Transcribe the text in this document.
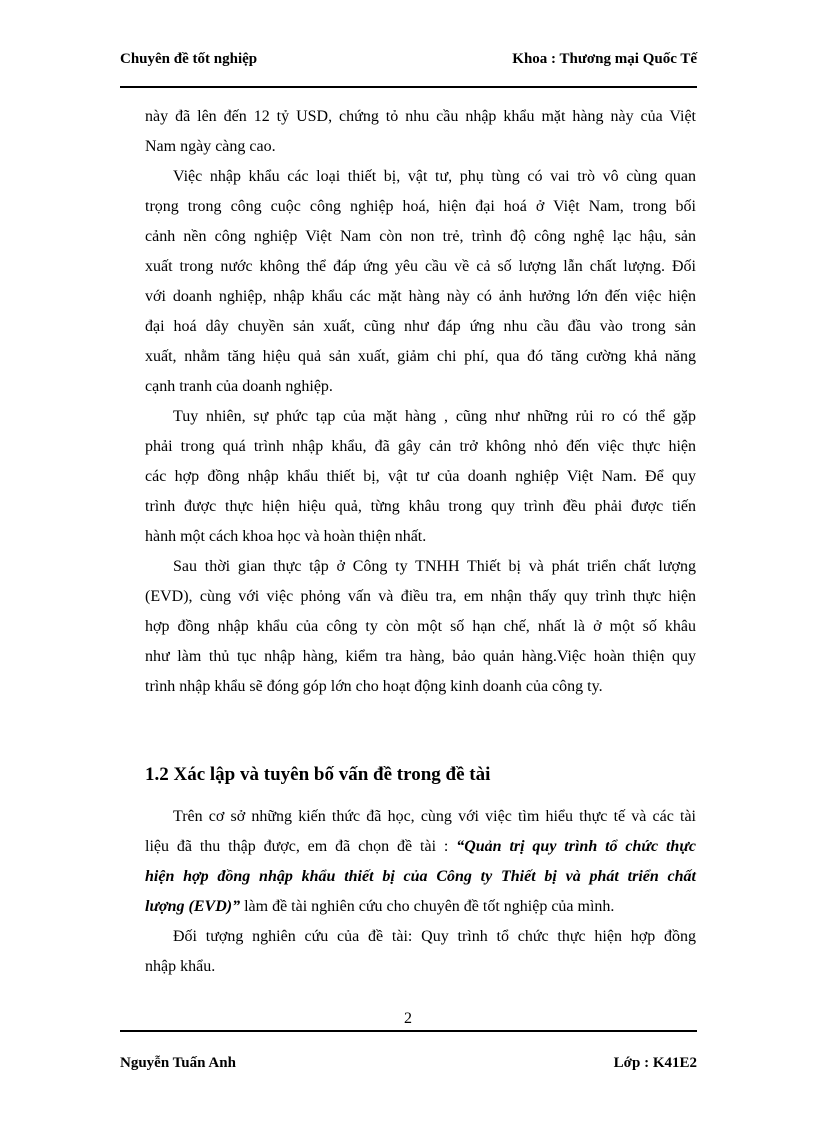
Chuyên đề tốt nghiệp	Khoa : Thương mại Quốc Tế
này đã lên đến 12 tỷ USD, chứng tỏ nhu cầu nhập khẩu mặt hàng này của Việt
Nam ngày càng cao.
Việc nhập khẩu các loại thiết bị, vật tư, phụ tùng có vai trò vô cùng quan
trọng trong công cuộc công nghiệp hoá, hiện đại hoá ở Việt Nam, trong bối
cảnh nền công nghiệp Việt Nam còn non trẻ, trình độ công nghệ lạc hậu, sản
xuất trong nước không thể đáp ứng yêu cầu về cả số lượng lẫn chất lượng. Đối
với doanh nghiệp, nhập khẩu các mặt hàng này có ảnh hưởng lớn đến việc hiện
đại hoá dây chuyền sản xuất, cũng như đáp ứng nhu cầu đầu vào trong sản
xuất, nhằm tăng hiệu quả sản xuất, giảm chi phí, qua đó tăng cường khả năng
cạnh tranh của doanh nghiệp.
Tuy nhiên, sự phức tạp của mặt hàng , cũng như những rủi ro có thể gặp
phải trong quá trình nhập khẩu, đã gây cản trở không nhỏ đến việc thực hiện
các hợp đồng nhập khẩu thiết bị, vật tư của doanh nghiệp Việt Nam. Để quy
trình được thực hiện hiệu quả, từng khâu trong quy trình đều phải được tiến
hành một cách khoa học và hoàn thiện nhất.
Sau thời gian thực tập ở Công ty TNHH Thiết bị và phát triển chất lượng
(EVD), cùng với việc phỏng vấn và điều tra, em nhận thấy quy trình thực hiện
hợp đồng nhập khẩu của công ty còn một số hạn chế, nhất là ở một số khâu
như làm thủ tục nhập hàng, kiểm tra hàng, bảo quản hàng.Việc hoàn thiện quy
trình nhập khẩu sẽ đóng góp lớn cho hoạt động kinh doanh của công ty.
1.2 Xác lập và tuyên bố vấn đề trong đề tài
Trên cơ sở những kiến thức đã học, cùng với việc tìm hiểu thực tế và các tài
liệu đã thu thập được, em đã chọn đề tài : “Quản trị quy trình tổ chức thực
hiện hợp đồng nhập khẩu thiết bị của Công ty Thiết bị và phát triển chất
lượng (EVD)” làm đề tài nghiên cứu cho chuyên đề tốt nghiệp của mình.
Đối tượng nghiên cứu của đề tài: Quy trình tổ chức thực hiện hợp đồng
nhập khẩu.
2
Nguyễn Tuấn Anh	Lớp : K41E2
